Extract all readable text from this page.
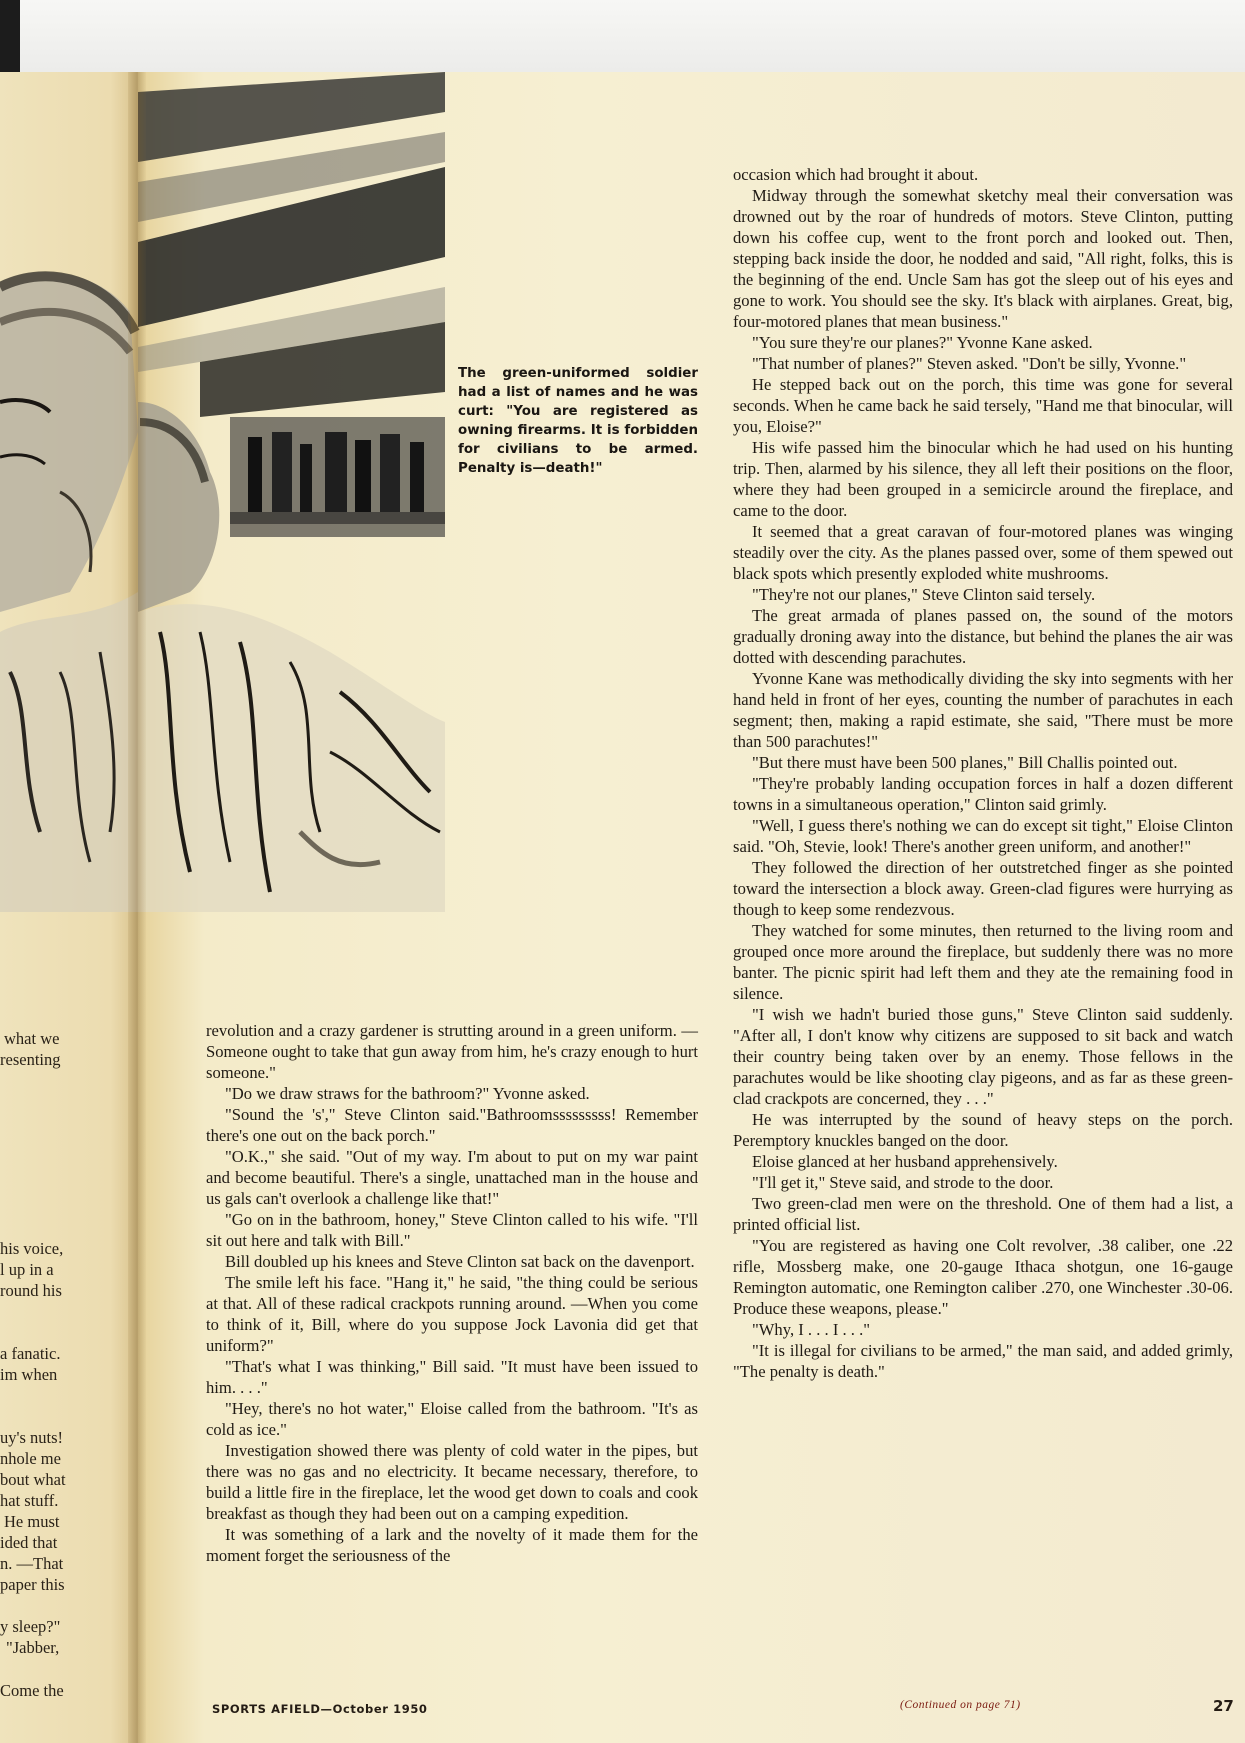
The green-uniformed soldier had a list of names and he was curt: "You are registered as owning firearms. It is forbidden for civilians to be armed. Penalty is—death!"
what we
resenting
his voice,
l up in a
round his
a fanatic.
im when
uy's nuts!
nhole me
bout what
hat stuff.
He must
ided that
n. —That
paper this
y sleep?"
"Jabber,
Come the

revolution and a crazy gardener is strutting around in a green uniform. —Someone ought to take that gun away from him, he's crazy enough to hurt someone."

"Do we draw straws for the bathroom?" Yvonne asked.

"Sound the 's'," Steve Clinton said."Bathroomsssssssss! Remember there's one out on the back porch."

"O.K.," she said. "Out of my way. I'm about to put on my war paint and become beautiful. There's a single, unattached man in the house and us gals can't overlook a challenge like that!"

"Go on in the bathroom, honey," Steve Clinton called to his wife. "I'll sit out here and talk with Bill."

Bill doubled up his knees and Steve Clinton sat back on the davenport.

The smile left his face. "Hang it," he said, "the thing could be serious at that. All of these radical crackpots running around. —When you come to think of it, Bill, where do you suppose Jock Lavonia did get that uniform?"

"That's what I was thinking," Bill said. "It must have been issued to him. . . ."

"Hey, there's no hot water," Eloise called from the bathroom. "It's as cold as ice."

Investigation showed there was plenty of cold water in the pipes, but there was no gas and no electricity. It became necessary, therefore, to build a little fire in the fireplace, let the wood get down to coals and cook breakfast as though they had been out on a camping expedition.

It was something of a lark and the novelty of it made them for the moment forget the seriousness of the

occasion which had brought it about.

Midway through the somewhat sketchy meal their conversation was drowned out by the roar of hundreds of motors. Steve Clinton, putting down his coffee cup, went to the front porch and looked out. Then, stepping back inside the door, he nodded and said, "All right, folks, this is the beginning of the end. Uncle Sam has got the sleep out of his eyes and gone to work. You should see the sky. It's black with airplanes. Great, big, four-motored planes that mean business."

"You sure they're our planes?" Yvonne Kane asked.

"That number of planes?" Steven asked. "Don't be silly, Yvonne."

He stepped back out on the porch, this time was gone for several seconds. When he came back he said tersely, "Hand me that binocular, will you, Eloise?"

His wife passed him the binocular which he had used on his hunting trip. Then, alarmed by his silence, they all left their positions on the floor, where they had been grouped in a semicircle around the fireplace, and came to the door.

It seemed that a great caravan of four-motored planes was winging steadily over the city. As the planes passed over, some of them spewed out black spots which presently exploded white mushrooms.

"They're not our planes," Steve Clinton said tersely.

The great armada of planes passed on, the sound of the motors gradually droning away into the distance, but behind the planes the air was dotted with descending parachutes.

Yvonne Kane was methodically dividing the sky into segments with her hand held in front of her eyes, counting the number of parachutes in each segment; then, making a rapid estimate, she said, "There must be more than 500 parachutes!"

"But there must have been 500 planes," Bill Challis pointed out.

"They're probably landing occupation forces in half a dozen different towns in a simultaneous operation," Clinton said grimly.

"Well, I guess there's nothing we can do except sit tight," Eloise Clinton said. "Oh, Stevie, look! There's another green uniform, and another!"

They followed the direction of her outstretched finger as she pointed toward the intersection a block away. Green-clad figures were hurrying as though to keep some rendezvous.

They watched for some minutes, then returned to the living room and grouped once more around the fireplace, but suddenly there was no more banter. The picnic spirit had left them and they ate the remaining food in silence.

"I wish we hadn't buried those guns," Steve Clinton said suddenly. "After all, I don't know why citizens are supposed to sit back and watch their country being taken over by an enemy. Those fellows in the parachutes would be like shooting clay pigeons, and as far as these green-clad crackpots are concerned, they . . ."

He was interrupted by the sound of heavy steps on the porch. Peremptory knuckles banged on the door.

Eloise glanced at her husband apprehensively.

"I'll get it," Steve said, and strode to the door.

Two green-clad men were on the threshold. One of them had a list, a printed official list.

"You are registered as having one Colt revolver, .38 caliber, one .22 rifle, Mossberg make, one 20-gauge Ithaca shotgun, one 16-gauge Remington automatic, one Remington caliber .270, one Winchester .30-06. Produce these weapons, please."

"Why, I . . . I . . ."

"It is illegal for civilians to be armed," the man said, and added grimly, "The penalty is death."

(Continued on page 71)
SPORTS AFIELD—October 1950	27
